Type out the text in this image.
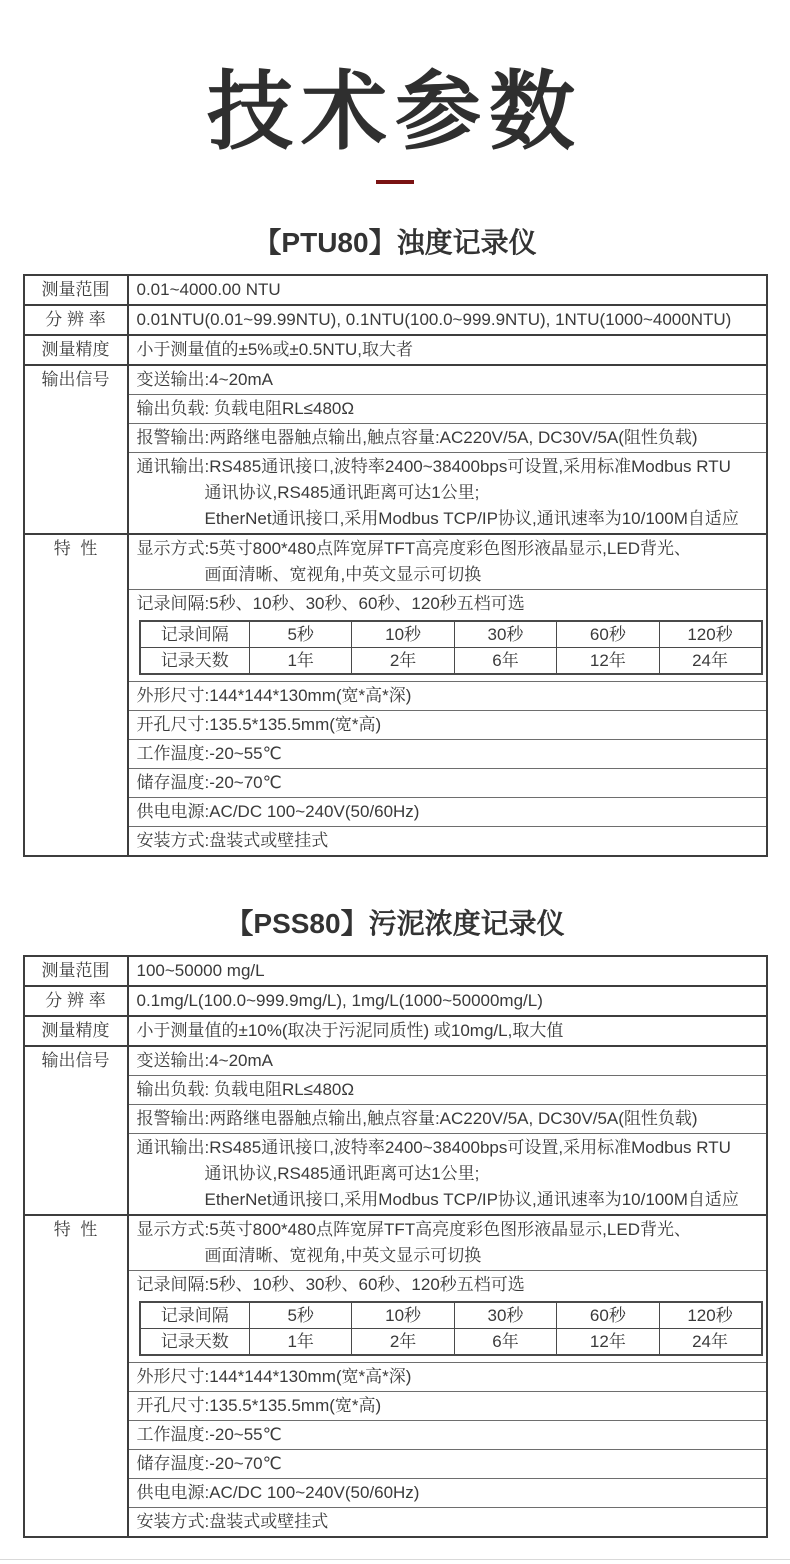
技术参数
【PTU80】浊度记录仪
测量范围	0.01~4000.00 NTU
分 辨 率	0.01NTU(0.01~99.99NTU), 0.1NTU(100.0~999.9NTU), 1NTU(1000~4000NTU)
测量精度	小于测量值的±5%或±0.5NTU,取大者
输出信号	变送输出:4~20mA
输出负载: 负载电阻RL≤480Ω
报警输出:两路继电器触点输出,触点容量:AC220V/5A, DC30V/5A(阻性负载)

通讯输出:RS485通讯接口,波特率2400~38400bps可设置,采用标准Modbus RTU
通讯协议,RS485通讯距离可达1公里;
EtherNet通讯接口,采用Modbus TCP/IP协议,通讯速率为10/100M自适应

特  性	显示方式:5英寸800*480点阵宽屏TFT高亮度彩色图形液晶显示,LED背光、
画面清晰、宽视角,中英文显示可切换

记录间隔:5秒、10秒、30秒、60秒、120秒五档可选
记录间隔	5秒	10秒	30秒	60秒	120秒
记录天数	1年	2年	6年	12年	24年

外形尺寸:144*144*130mm(宽*高*深)
开孔尺寸:135.5*135.5mm(宽*高)
工作温度:-20~55℃
储存温度:-20~70℃
供电电源:AC/DC 100~240V(50/60Hz)
安装方式:盘装式或壁挂式
【PSS80】污泥浓度记录仪
测量范围	100~50000 mg/L
分 辨 率	0.1mg/L(100.0~999.9mg/L), 1mg/L(1000~50000mg/L)
测量精度	小于测量值的±10%(取决于污泥同质性) 或10mg/L,取大值
输出信号	变送输出:4~20mA
输出负载: 负载电阻RL≤480Ω
报警输出:两路继电器触点输出,触点容量:AC220V/5A, DC30V/5A(阻性负载)

通讯输出:RS485通讯接口,波特率2400~38400bps可设置,采用标准Modbus RTU
通讯协议,RS485通讯距离可达1公里;
EtherNet通讯接口,采用Modbus TCP/IP协议,通讯速率为10/100M自适应

特  性	显示方式:5英寸800*480点阵宽屏TFT高亮度彩色图形液晶显示,LED背光、
画面清晰、宽视角,中英文显示可切换

记录间隔:5秒、10秒、30秒、60秒、120秒五档可选
记录间隔	5秒	10秒	30秒	60秒	120秒
记录天数	1年	2年	6年	12年	24年

外形尺寸:144*144*130mm(宽*高*深)
开孔尺寸:135.5*135.5mm(宽*高)
工作温度:-20~55℃
储存温度:-20~70℃
供电电源:AC/DC 100~240V(50/60Hz)
安装方式:盘装式或壁挂式
